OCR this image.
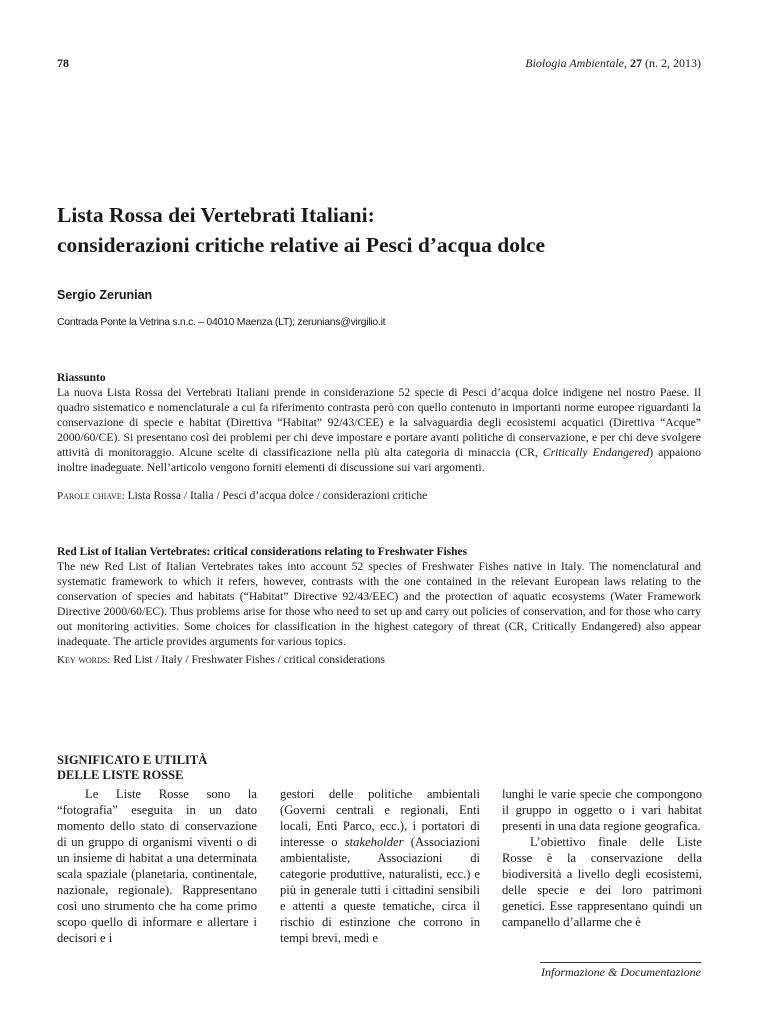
78	Biologia Ambientale, 27 (n. 2, 2013)
Lista Rossa dei Vertebrati Italiani:
considerazioni critiche relative ai Pesci d’acqua dolce
Sergio Zerunian
Contrada Ponte la Vetrina s.n.c. – 04010 Maenza (LT); zerunians@virgilio.it
Riassunto

La nuova Lista Rossa dei Vertebrati Italiani prende in considerazione 52 specie di Pesci d’acqua dolce indigene nel nostro Paese. Il quadro sistematico e nomenclaturale a cui fa riferimento contrasta però con quello contenuto in importanti norme europee riguardanti la conservazione di specie e habitat (Direttiva “Habitat” 92/43/CEE) e la salvaguardia degli ecosistemi acquatici (Direttiva “Acque” 2000/60/CE). Si presentano così dei problemi per chi deve impostare e portare avanti politiche di conservazione, e per chi deve svolgere attività di monitoraggio. Alcune scelte di classificazione nella più alta categoria di minaccia (CR, Critically Endangered) appaiono inoltre inadeguate. Nell’articolo vengono forniti elementi di discussione sui vari argomenti.

Parole chiave: Lista Rossa / Italia / Pesci d’acqua dolce / considerazioni critiche
Red List of Italian Vertebrates: critical considerations relating to Freshwater Fishes

The new Red List of Italian Vertebrates takes into account 52 species of Freshwater Fishes native in Italy. The nomenclatural and systematic framework to which it refers, however, contrasts with the one contained in the relevant European laws relating to the conservation of species and habitats (“Habitat” Directive 92/43/EEC) and the protection of aquatic ecosystems (Water Framework Directive 2000/60/EC). Thus problems arise for those who need to set up and carry out policies of conservation, and for those who carry out monitoring activities. Some choices for classification in the highest category of threat (CR, Critically Endangered) also appear inadequate. The article provides arguments for various topics.

Key words: Red List / Italy / Freshwater Fishes / critical considerations
SIGNIFICATO E UTILITÀ
DELLE LISTE ROSSE

Le Liste Rosse sono la “fotografia” eseguita in un dato momento dello stato di conservazione di un gruppo di organismi viventi o di un insieme di habitat a una determinata scala spaziale (planetaria, continentale, nazionale, regionale). Rappresentano così uno strumento che ha come primo scopo quello di informare e allertare i decisori e i

gestori delle politiche ambientali (Governi centrali e regionali, Enti locali, Enti Parco, ecc.), i portatori di interesse o stakeholder (Associazioni ambientaliste, Associazioni di categorie produttive, naturalisti, ecc.) e più in generale tutti i cittadini sensibili e attenti a queste tematiche, circa il rischio di estinzione che corrono in tempi brevi, medi e

lunghi le varie specie che compongono il gruppo in oggetto o i vari habitat presenti in una data regione geografica.

L’obiettivo finale delle Liste Rosse è la conservazione della biodiversità a livello degli ecosistemi, delle specie e dei loro patrimoni genetici. Esse rappresentano quindi un campanello d’allarme che è

Informazione & Documentazione
